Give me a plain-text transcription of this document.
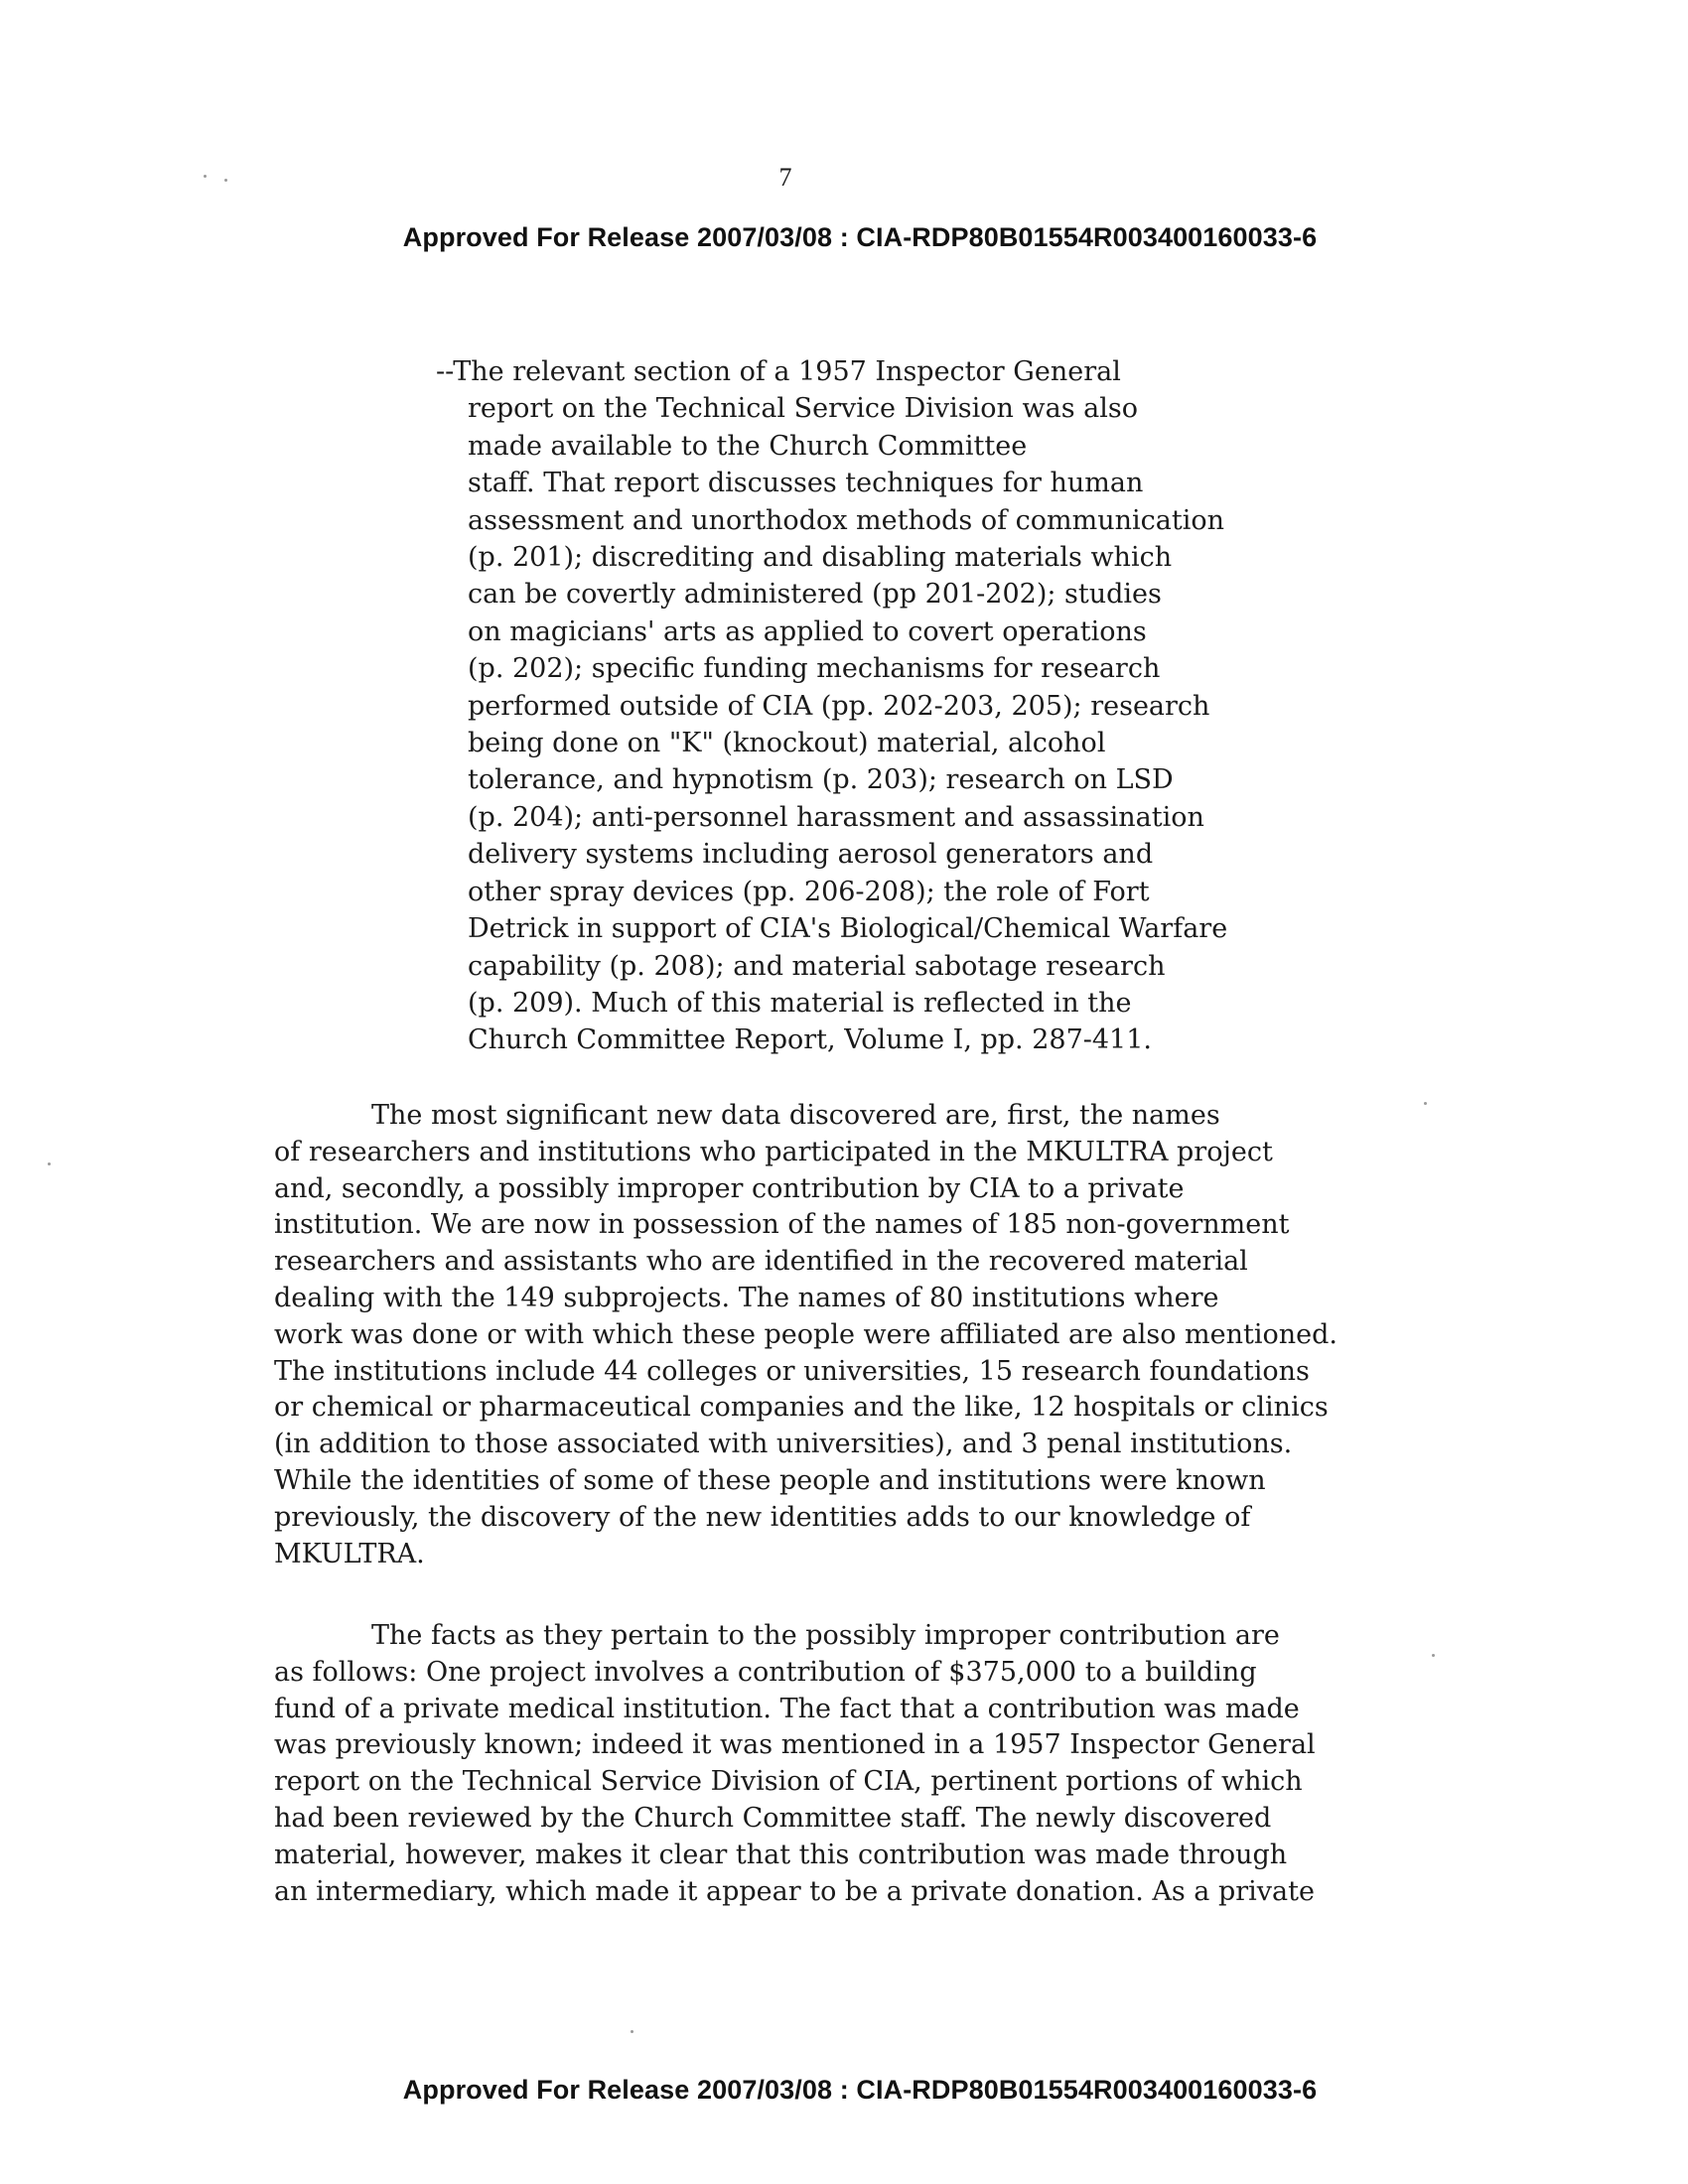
7
Approved For Release 2007/03/08 : CIA-RDP80B01554R003400160033-6
--The relevant section of a 1957 Inspector General
report on the Technical Service Division was also
made available to the Church Committee
staff. That report discusses techniques for human
assessment and unorthodox methods of communication
(p. 201); discrediting and disabling materials which
can be covertly administered (pp 201-202); studies
on magicians' arts as applied to covert operations
(p. 202); specific funding mechanisms for research
performed outside of CIA (pp. 202-203, 205); research
being done on "K" (knockout) material, alcohol
tolerance, and hypnotism (p. 203); research on LSD
(p. 204); anti-personnel harassment and assassination
delivery systems including aerosol generators and
other spray devices (pp. 206-208); the role of Fort
Detrick in support of CIA's Biological/Chemical Warfare
capability (p. 208); and material sabotage research
(p. 209). Much of this material is reflected in the
Church Committee Report, Volume I, pp. 287-411.
The most significant new data discovered are, first, the names
of researchers and institutions who participated in the MKULTRA project
and, secondly, a possibly improper contribution by CIA to a private
institution. We are now in possession of the names of 185 non-government
researchers and assistants who are identified in the recovered material
dealing with the 149 subprojects. The names of 80 institutions where
work was done or with which these people were affiliated are also mentioned.
The institutions include 44 colleges or universities, 15 research foundations
or chemical or pharmaceutical companies and the like, 12 hospitals or clinics
(in addition to those associated with universities), and 3 penal institutions.
While the identities of some of these people and institutions were known
previously, the discovery of the new identities adds to our knowledge of
MKULTRA.
The facts as they pertain to the possibly improper contribution are
as follows: One project involves a contribution of $375,000 to a building
fund of a private medical institution. The fact that a contribution was made
was previously known; indeed it was mentioned in a 1957 Inspector General
report on the Technical Service Division of CIA, pertinent portions of which
had been reviewed by the Church Committee staff. The newly discovered
material, however, makes it clear that this contribution was made through
an intermediary, which made it appear to be a private donation. As a private
Approved For Release 2007/03/08 : CIA-RDP80B01554R003400160033-6
